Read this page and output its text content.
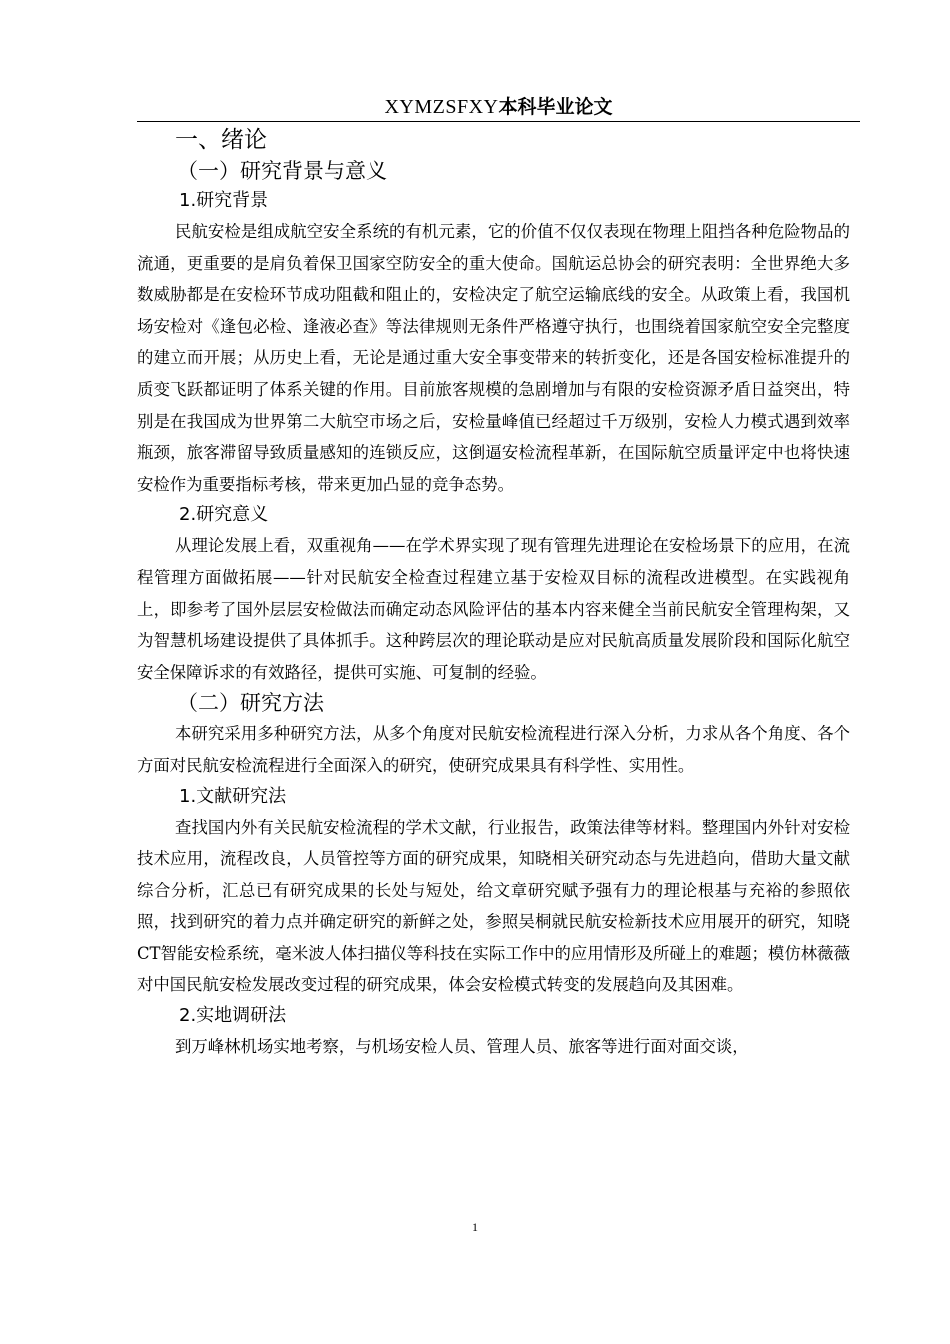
XYMZSFXY本科毕业论文
一、绪论
（一）研究背景与意义
1.研究背景

民航安检是组成航空安全系统的有机元素，它的价值不仅仅表现在物理上阻挡各种危险物品的流通，更重要的是肩负着保卫国家空防安全的重大使命。国航运总协会的研究表明：全世界绝大多数威胁都是在安检环节成功阻截和阻止的，安检决定了航空运输底线的安全。从政策上看，我国机场安检对《逢包必检、逢液必查》等法律规则无条件严格遵守执行，也围绕着国家航空安全完整度的建立而开展；从历史上看，无论是通过重大安全事变带来的转折变化，还是各国安检标准提升的质变飞跃都证明了体系关键的作用。目前旅客规模的急剧增加与有限的安检资源矛盾日益突出，特别是在我国成为世界第二大航空市场之后，安检量峰值已经超过千万级别，安检人力模式遇到效率瓶颈，旅客滞留导致质量感知的连锁反应，这倒逼安检流程革新，在国际航空质量评定中也将快速安检作为重要指标考核，带来更加凸显的竞争态势。

2.研究意义

从理论发展上看，双重视角——在学术界实现了现有管理先进理论在安检场景下的应用，在流程管理方面做拓展——针对民航安全检查过程建立基于安检双目标的流程改进模型。在实践视角上，即参考了国外层层安检做法而确定动态风险评估的基本内容来健全当前民航安全管理构架，又为智慧机场建设提供了具体抓手。这种跨层次的理论联动是应对民航高质量发展阶段和国际化航空安全保障诉求的有效路径，提供可实施、可复制的经验。

（二）研究方法

本研究采用多种研究方法，从多个角度对民航安检流程进行深入分析，力求从各个角度、各个方面对民航安检流程进行全面深入的研究，使研究成果具有科学性、实用性。

1.文献研究法

查找国内外有关民航安检流程的学术文献，行业报告，政策法律等材料。整理国内外针对安检技术应用，流程改良，人员管控等方面的研究成果，知晓相关研究动态与先进趋向，借助大量文献综合分析，汇总已有研究成果的长处与短处，给文章研究赋予强有力的理论根基与充裕的参照依照，找到研究的着力点并确定研究的新鲜之处，参照吴桐就民航安检新技术应用展开的研究，知晓CT智能安检系统，毫米波人体扫描仪等科技在实际工作中的应用情形及所碰上的难题；模仿林薇薇对中国民航安检发展改变过程的研究成果，体会安检模式转变的发展趋向及其困难。

2.实地调研法

到万峰林机场实地考察，与机场安检人员、管理人员、旅客等进行面对面交谈，

1
